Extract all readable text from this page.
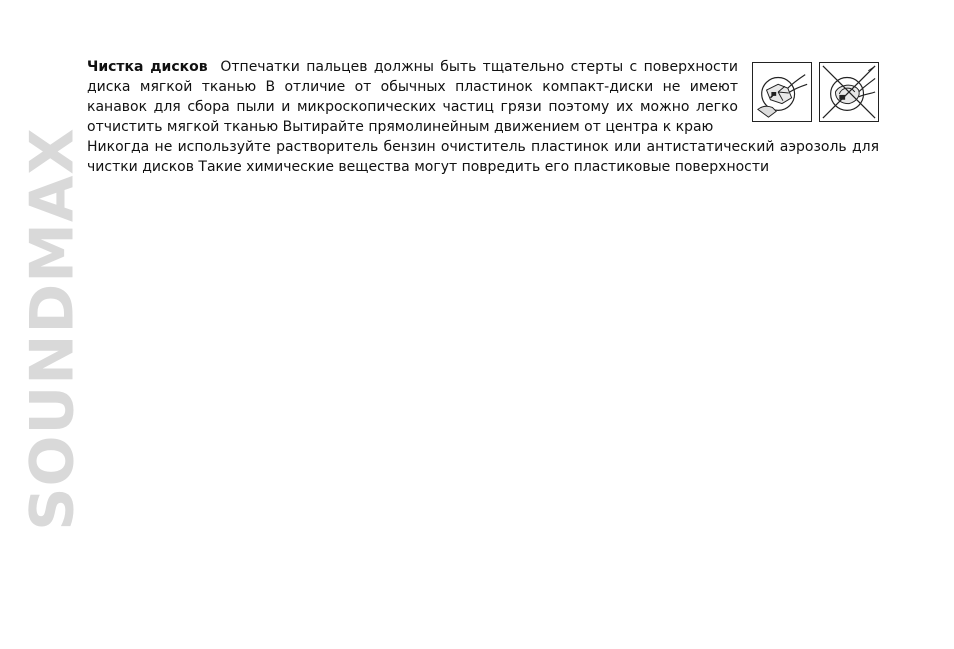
SOUNDMAX

Чистка дисков Отпечатки пальцев должны быть тщательно стерты с поверхности диска мягкой тканью В отличие от обычных пластинок компакт-диски не имеют канавок для сбора пыли и микроскопических частиц грязи поэтому их можно легко отчистить мягкой тканью Вытирайте прямолинейным движением от центра к краю

Никогда не используйте растворитель бензин очиститель пластинок или антистатический аэрозоль для чистки дисков Такие химические вещества могут повредить его пластиковые поверхности
